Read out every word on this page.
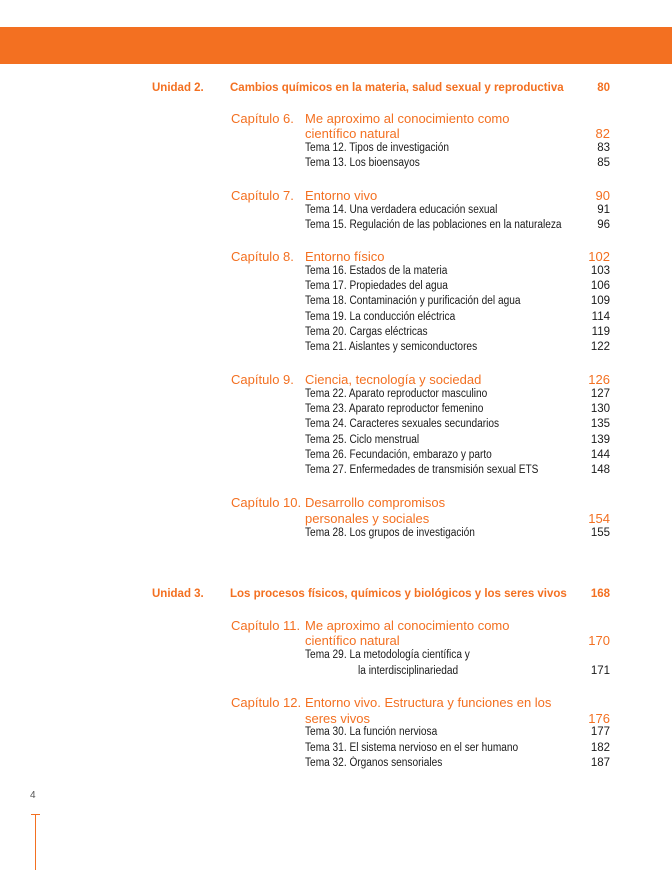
Unidad 2. Cambios químicos en la materia, salud sexual y reproductiva	80
Capítulo 6. Me aproximo al conocimiento como
científico natural	82
Tema 12. Tipos de investigación	83
Tema 13. Los bioensayos	85
Capítulo 7. Entorno vivo	90
Tema 14. Una verdadera educación sexual	91
Tema 15. Regulación de las poblaciones en la naturaleza	96
Capítulo 8. Entorno físico	102
Tema 16. Estados de la materia	103
Tema 17. Propiedades del agua	106
Tema 18. Contaminación y purificación del agua	109
Tema 19. La conducción eléctrica	114
Tema 20. Cargas eléctricas	119
Tema 21. Aislantes y semiconductores	122
Capítulo 9. Ciencia, tecnología y sociedad	126
Tema 22. Aparato reproductor masculino	127
Tema 23. Aparato reproductor femenino	130
Tema 24. Caracteres sexuales secundarios	135
Tema 25. Ciclo menstrual	139
Tema 26. Fecundación, embarazo y parto	144
Tema 27. Enfermedades de transmisión sexual ETS	148
Capítulo 10. Desarrollo compromisos
personales y sociales	154
Tema 28. Los grupos de investigación	155
Unidad 3. Los procesos físicos, químicos y biológicos y los seres vivos 168
Capítulo 11. Me aproximo al conocimiento como
científico natural	170
Tema 29. La metodología científica y
la interdisciplinariedad	171
Capítulo 12. Entorno vivo. Estructura y funciones en los
seres vivos	176
Tema 30. La función nerviosa	177
Tema 31. El sistema nervioso en el ser humano	182
Tema 32. Órganos sensoriales	187
4
